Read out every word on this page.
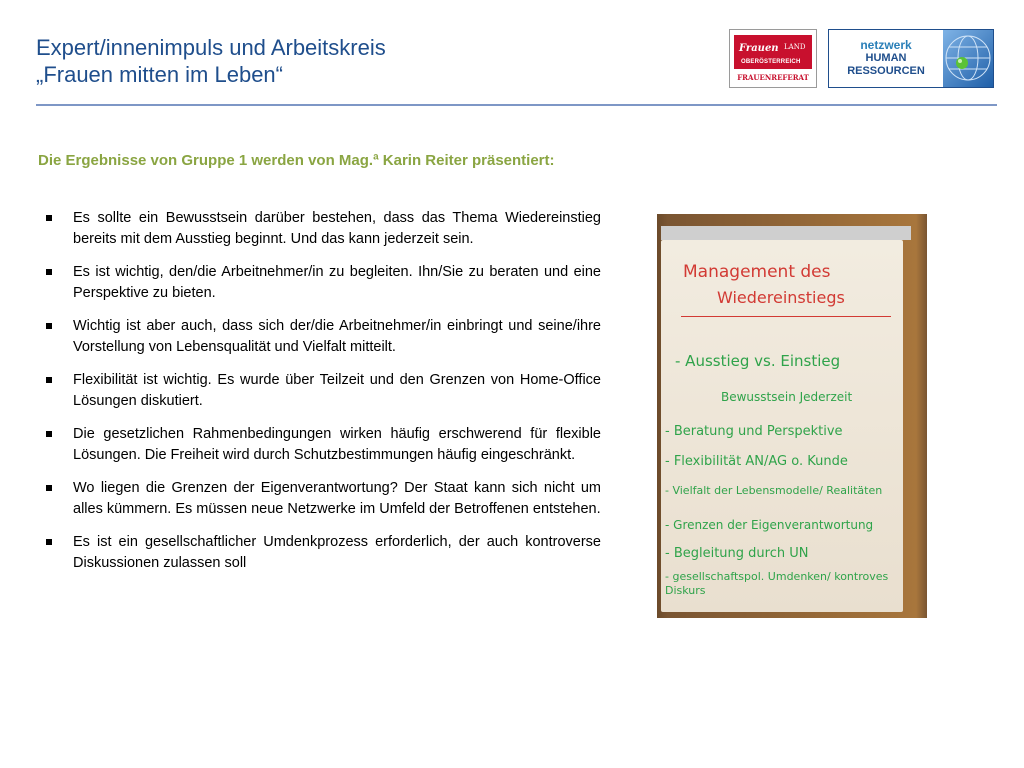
Expert/innenimpuls und Arbeitskreis
„Frauen mitten im Leben“
Frauen LAND
OBERÖSTERREICH
FRAUENREFERAT
netzwerk
HUMAN
RESSOURCEN
Die Ergebnisse von Gruppe 1 werden von Mag.ª Karin Reiter präsentiert:
Es sollte ein Bewusstsein darüber bestehen, dass das Thema Wiedereinstieg bereits mit dem Ausstieg beginnt. Und das kann jederzeit sein.
Es ist wichtig, den/die Arbeitnehmer/in zu begleiten. Ihn/Sie zu beraten und eine Perspektive zu bieten.
Wichtig ist aber auch, dass sich der/die Arbeitnehmer/in einbringt und seine/ihre Vorstellung von Lebensqualität und Vielfalt mitteilt.
Flexibilität ist wichtig. Es wurde über Teilzeit und den Grenzen von Home-Office Lösungen diskutiert.
Die gesetzlichen Rahmenbedingungen wirken häufig erschwerend für flexible Lösungen. Die Freiheit wird durch Schutzbestimmungen häufig eingeschränkt.
Wo liegen die Grenzen der Eigenverantwortung? Der Staat kann sich nicht um alles kümmern. Es müssen neue Netzwerke im Umfeld der Betroffenen entstehen.
Es ist ein gesellschaftlicher Umdenkprozess erforderlich, der auch kontroverse Diskussionen zulassen soll
Management des
Wiedereinstiegs
- Ausstieg vs. Einstieg
Bewusstsein Jederzeit
- Beratung und Perspektive
- Flexibilität AN/AG o. Kunde
- Vielfalt der Lebensmodelle/ Realitäten
- Grenzen der Eigenverantwortung
- Begleitung durch UN
- gesellschaftspol. Umdenken/ kontroves Diskurs
